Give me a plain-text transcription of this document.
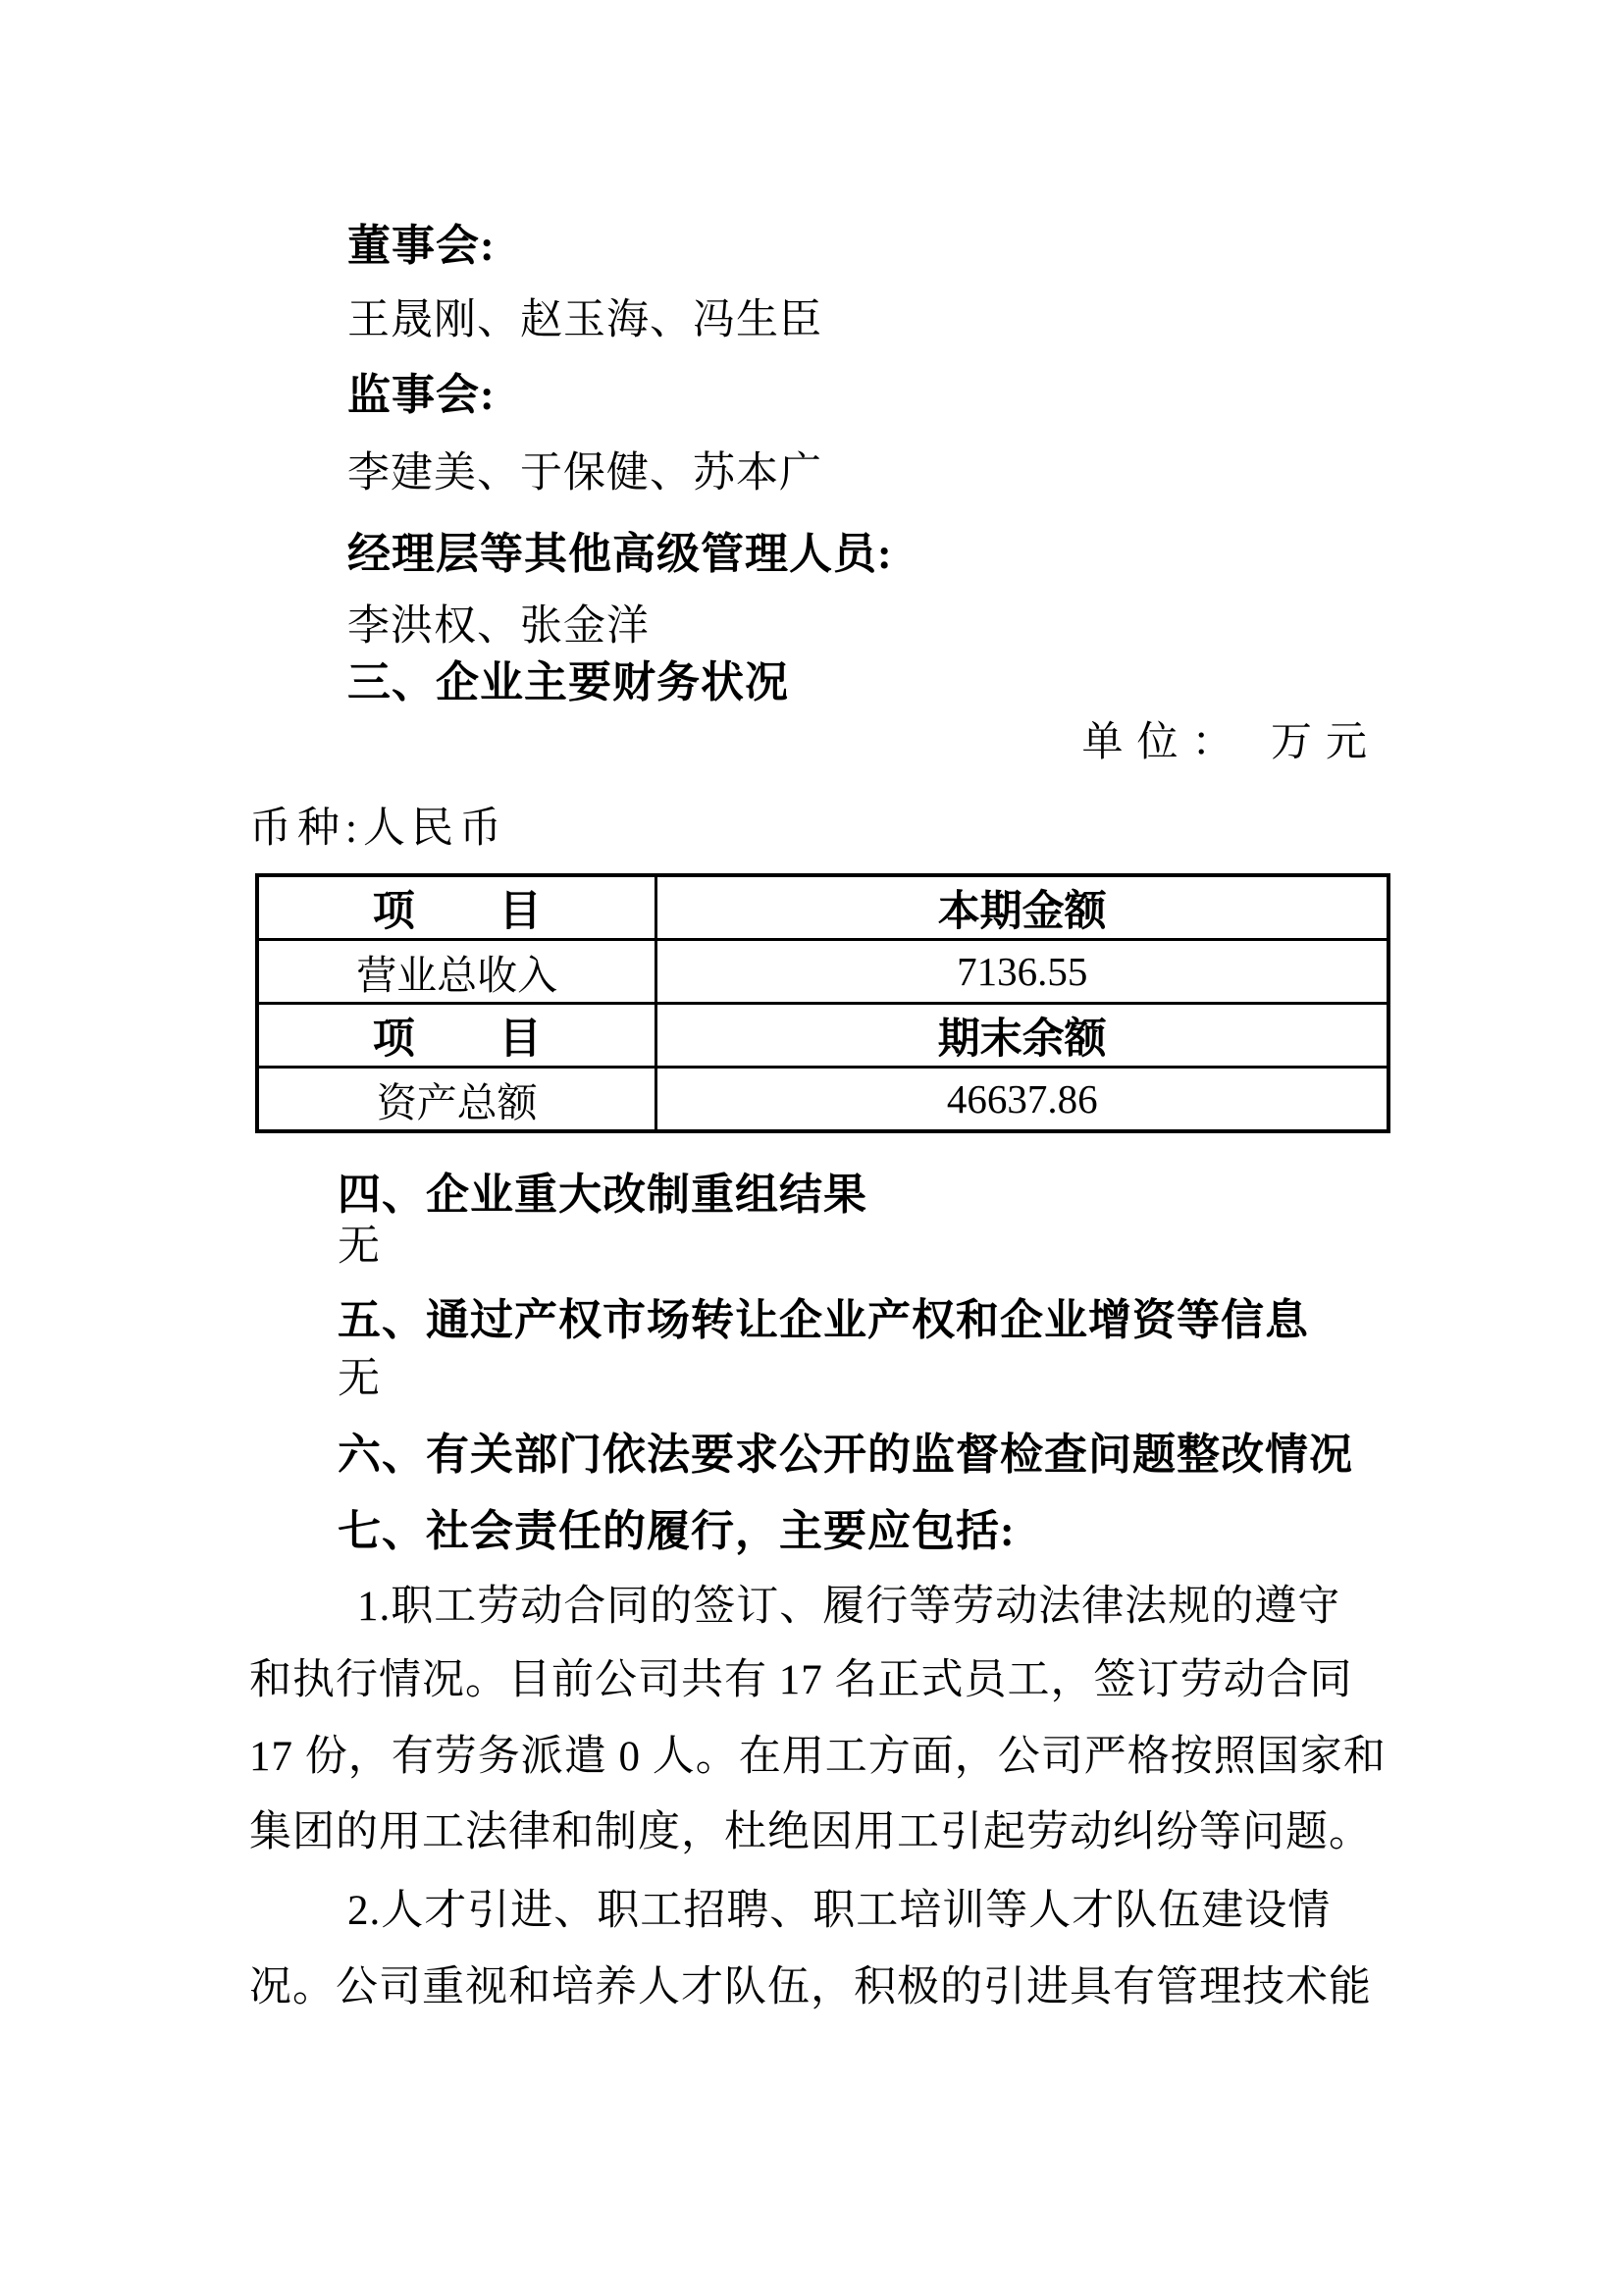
董事会:
王晟刚、赵玉海、冯生臣
监事会:
李建美、于保健、苏本广
经理层等其他高级管理人员:
李洪权、张金洋
三、企业主要财务状况
单位： 万元
币种:人民币
项　　目	本期金额
营业总收入	7136.55
项　　目	期末余额
资产总额	46637.86
四、企业重大改制重组结果
无
五、通过产权市场转让企业产权和企业增资等信息
无
六、有关部门依法要求公开的监督检查问题整改情况
七、社会责任的履行，主要应包括:
1.职工劳动合同的签订、履行等劳动法律法规的遵守
和执行情况。目前公司共有 17 名正式员工，签订劳动合同
17 份，有劳务派遣 0 人。在用工方面，公司严格按照国家和
集团的用工法律和制度，杜绝因用工引起劳动纠纷等问题。
2.人才引进、职工招聘、职工培训等人才队伍建设情
况。公司重视和培养人才队伍，积极的引进具有管理技术能
